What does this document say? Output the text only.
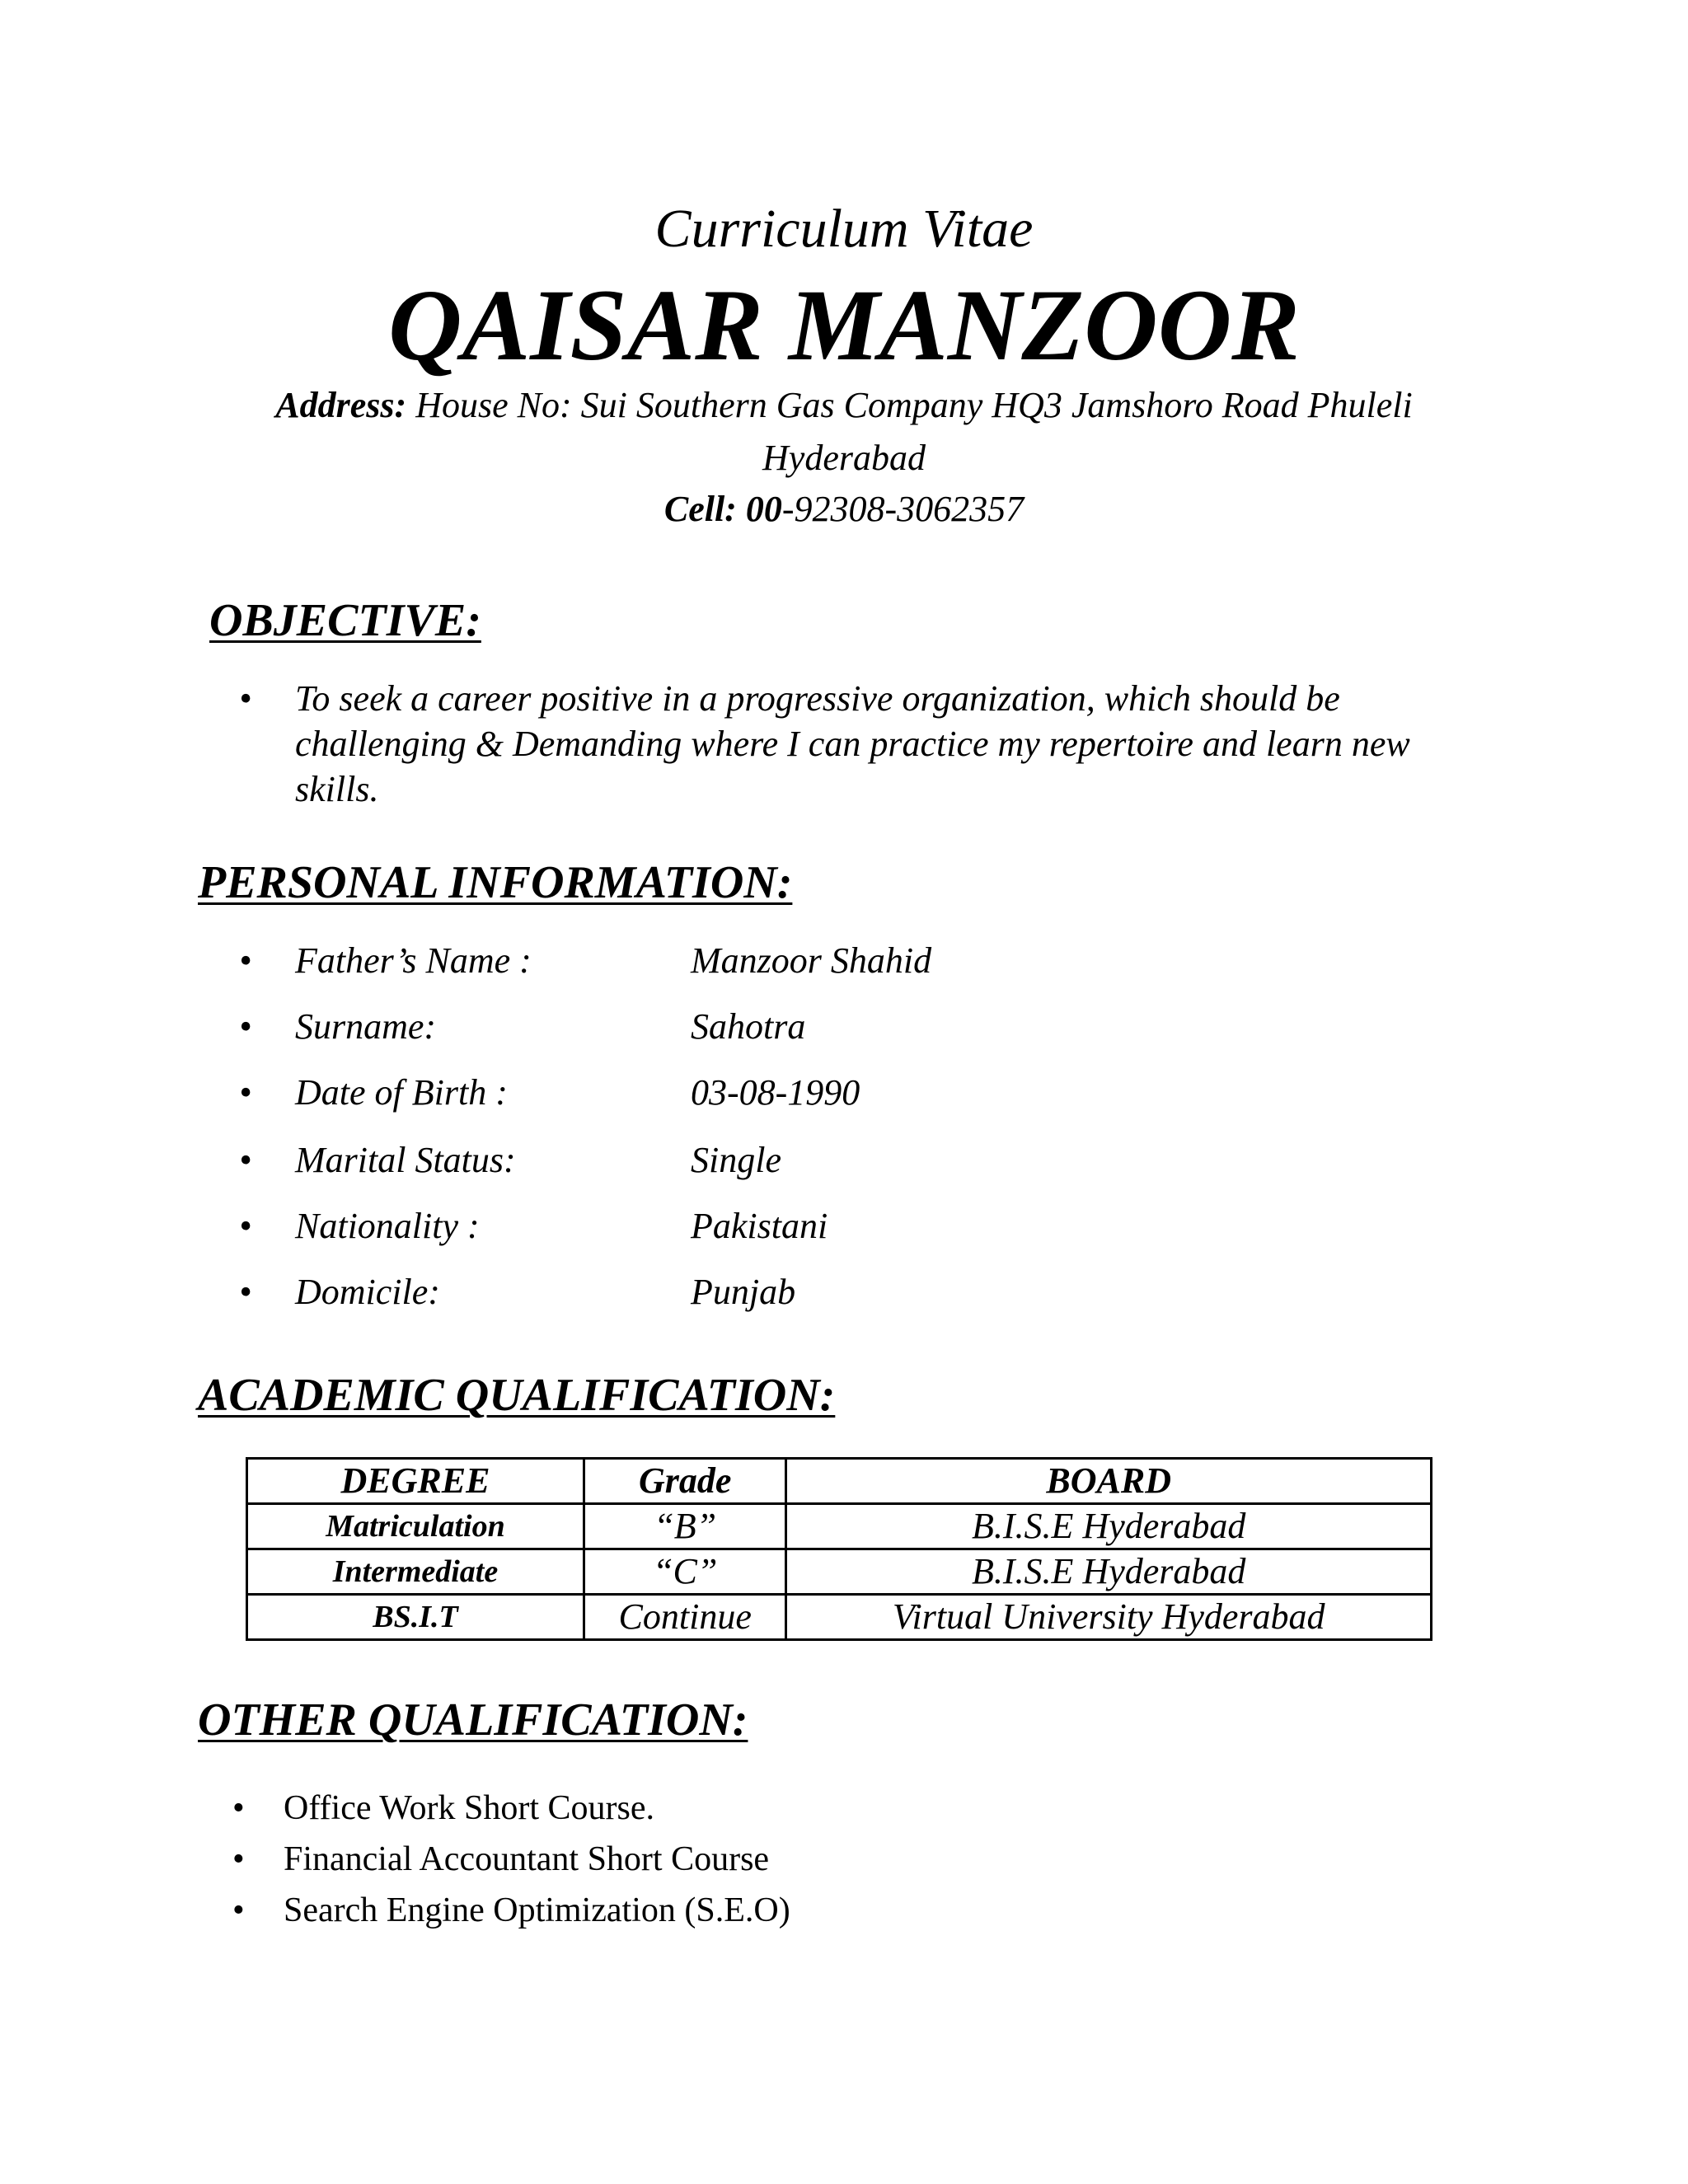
Curriculum Vitae
QAISAR MANZOOR
Address: House No: Sui Southern Gas Company HQ3 Jamshoro Road Phuleli
Hyderabad
Cell: 00-92308-3062357
OBJECTIVE:
• To seek a career positive in a progressive organization, which should be
challenging & Demanding where I can practice my repertoire and learn new
skills.
PERSONAL INFORMATION:
• Father’s Name :	Manzoor Shahid
• Surname:	Sahotra
• Date of Birth :	03-08-1990
• Marital Status:	Single
• Nationality :	Pakistani
• Domicile:	Punjab
ACADEMIC QUALIFICATION:
DEGREE	Grade	BOARD
Matriculation	“B”	B.I.S.E Hyderabad
Intermediate	“C”	B.I.S.E Hyderabad
BS.I.T	Continue	Virtual University Hyderabad
OTHER QUALIFICATION:
• Office Work Short Course.
• Financial Accountant Short Course
• Search Engine Optimization (S.E.O)
